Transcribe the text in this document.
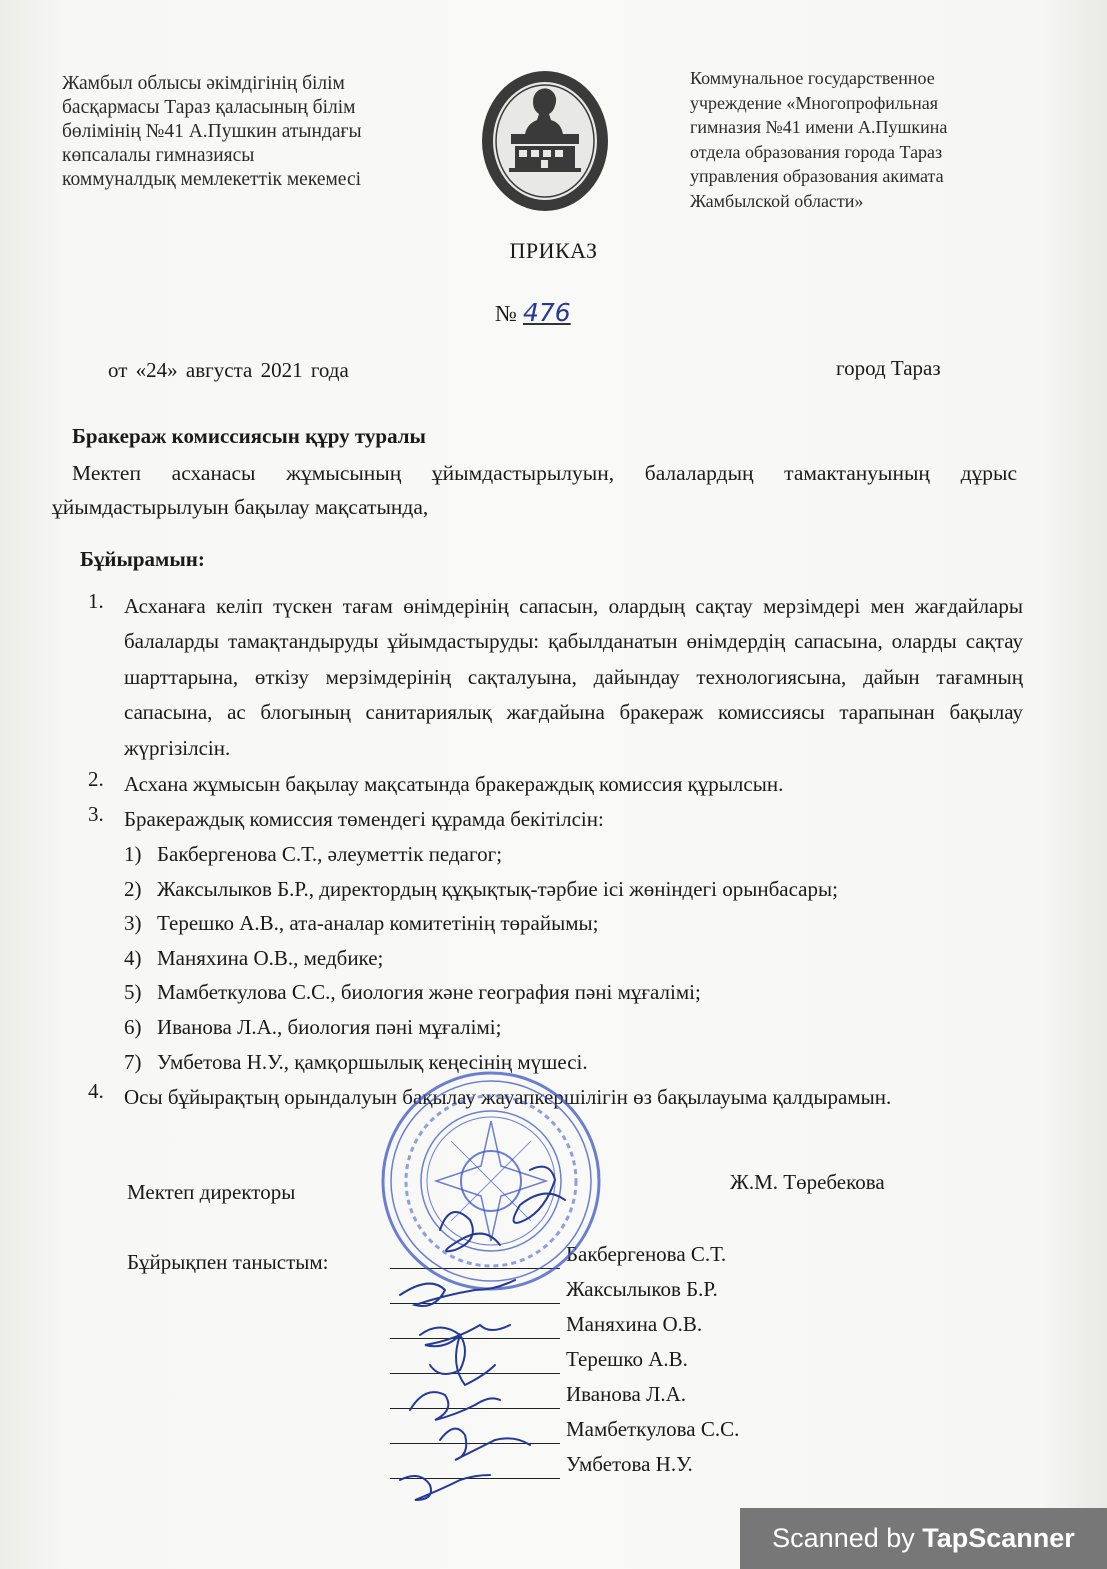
Жамбыл облысы әкімдігінің білім
басқармасы Тараз қаласының білім
бөлімінің №41 А.Пушкин атындағы
көпсалалы гимназиясы
коммуналдық мемлекеттік мекемесі
Коммунальное государственное
учреждение «Многопрофильная
гимназия №41 имени А.Пушкина
отдела образования города Тараз
управления образования акимата
Жамбылской области»
ПРИКАЗ
№ 476
от «24» августа 2021 года	город Тараз
Бракераж комиссиясын құру туралы
Мектеп асханасы жұмысының ұйымдастырылуын, балалардың тамактануының дұрыс ұйымдастырылуын бақылау мақсатында,
Бұйырамын:
1. Асханаға келіп түскен тағам өнімдерінің сапасын, олардың сақтау мерзімдері мен жағдайлары балаларды тамақтандыруды ұйымдастыруды: қабылданатын өнімдердің сапасына, оларды сақтау шарттарына, өткізу мерзімдерінің сақталуына, дайындау технологиясына, дайын тағамның сапасына, ас блогының санитариялық жағдайына бракераж комиссиясы тарапынан бақылау жүргізілсін.
2. Асхана жұмысын бақылау мақсатында бракераждық комиссия құрылсын.
3. Бракераждық комиссия төмендегі құрамда бекітілсін:
1) Бакбергенова С.Т., әлеуметтік педагог;
2) Жаксылыков Б.Р., директордың құқықтық-тәрбие ісі жөніндегі орынбасары;
3) Терешко А.В., ата-аналар комитетінің төрайымы;
4) Маняхина О.В., медбике;
5) Мамбеткулова С.С., биология жәнe география пәні мұғалімі;
6) Иванова Л.А., биология пәні мұғалімі;
7) Умбетова Н.У., қамқоршылық кеңесінің мүшесі.
4. Осы бұйырақтың орындалуын бақылау жауапкершілігін өз бақылауыма қалдырамын.
Мектеп директоры	Ж.М. Төребекова
Бұйрықпен таныстым:	Бакбергенова С.Т.
Жаксылыков Б.Р.
Маняхина О.В.
Терешко А.В.
Иванова Л.А.
Мамбеткулова С.С.
Умбетова Н.У.
Scanned by TapScanner
